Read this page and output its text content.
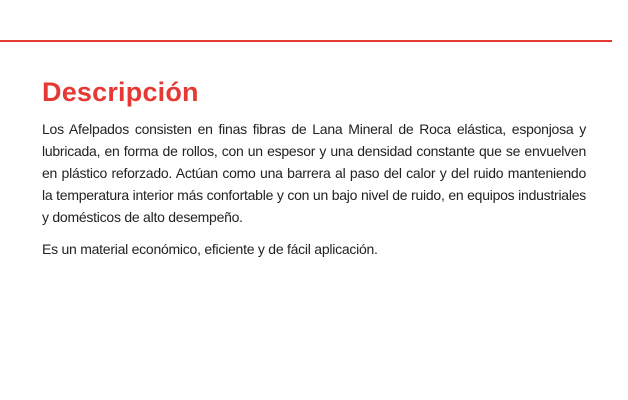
Descripción

Los Afelpados consisten en finas fibras de Lana Mineral de Roca elástica, esponjosa y lubricada, en forma de rollos, con un espesor y una densidad constante que se envuelven en plástico reforzado. Actúan como una barrera al paso del calor y del ruido manteniendo la temperatura interior más confortable y con un bajo nivel de ruido, en equipos industriales y domésticos de alto desempeño.

Es un material económico, eficiente y de fácil aplicación.
